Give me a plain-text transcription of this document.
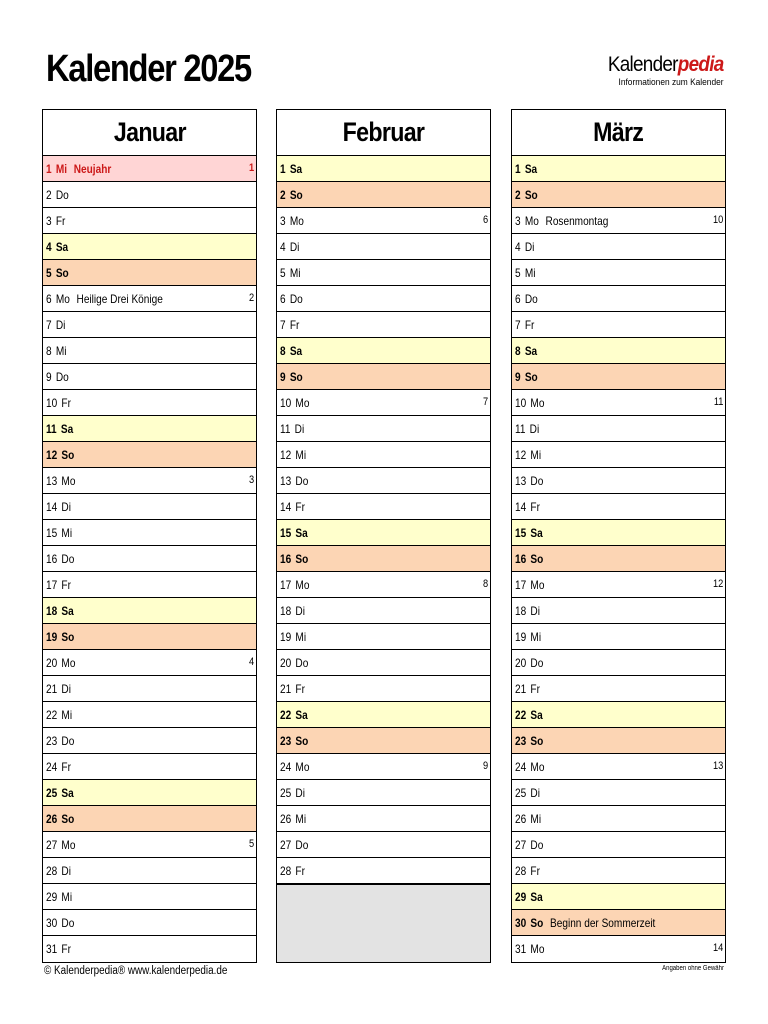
Kalender 2025	Kalenderpedia
Informationen zum Kalender
Januar
1 Mi Neujahr	1
2 Do
3 Fr
4 Sa
5 So
6 Mo Heilige Drei Könige	2
7 Di
8 Mi
9 Do
10 Fr
11 Sa
12 So
13 Mo	3
14 Di
15 Mi
16 Do
17 Fr
18 Sa
19 So
20 Mo	4
21 Di
22 Mi
23 Do
24 Fr
25 Sa
26 So
27 Mo	5
28 Di
29 Mi
30 Do
31 Fr
Februar
1 Sa
2 So
3 Mo	6
4 Di
5 Mi
6 Do
7 Fr
8 Sa
9 So
10 Mo	7
11 Di
12 Mi
13 Do
14 Fr
15 Sa
16 So
17 Mo	8
18 Di
19 Mi
20 Do
21 Fr
22 Sa
23 So
24 Mo	9
25 Di
26 Mi
27 Do
28 Fr
März
1 Sa
2 So
3 Mo Rosenmontag	10
4 Di
5 Mi
6 Do
7 Fr
8 Sa
9 So
10 Mo	11
11 Di
12 Mi
13 Do
14 Fr
15 Sa
16 So
17 Mo	12
18 Di
19 Mi
20 Do
21 Fr
22 Sa
23 So
24 Mo	13
25 Di
26 Mi
27 Do
28 Fr
29 Sa
30 So Beginn der Sommerzeit
31 Mo	14
© Kalenderpedia® www.kalenderpedia.de	Angaben ohne Gewähr
